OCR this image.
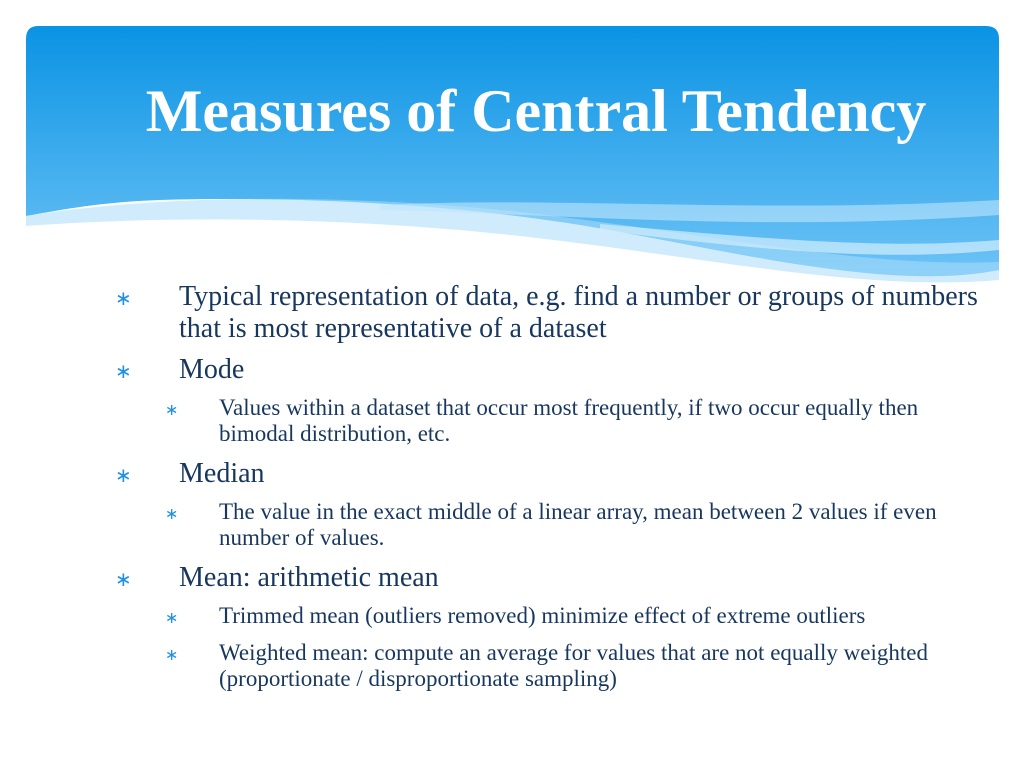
Measures of Central Tendency
∗ Typical representation of data, e.g. find a number or groups of numbers that is most representative of a dataset
∗ Mode
∗ Values within a dataset that occur most frequently, if two occur equally then bimodal distribution, etc.
∗ Median
∗ The value in the exact middle of a linear array, mean between 2 values if even number of values.
∗ Mean: arithmetic mean
∗ Trimmed mean (outliers removed) minimize effect of extreme outliers
∗ Weighted mean: compute an average for values that are not equally weighted (proportionate / disproportionate sampling)
